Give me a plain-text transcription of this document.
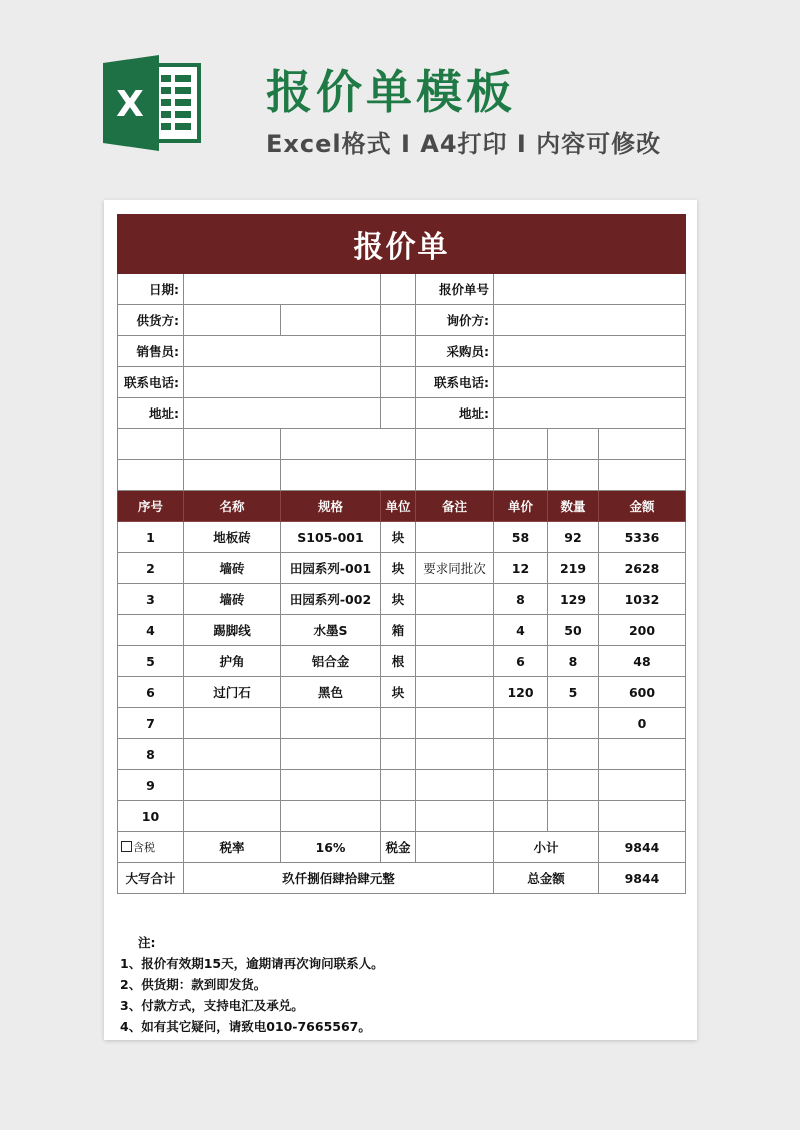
X	报价单模板
Excel格式 Ⅰ A4打印 Ⅰ 内容可修改
报价单							
日期:				报价单号			
供货方:				询价方:			
销售员:				采购员:			
联系电话:				联系电话:			
地址:				地址:			

序号	名称	规格	单位	备注	单价	数量	金额
1	地板砖	S105-001	块		58	92	5336
2	墙砖	田园系列-001	块	要求同批次	12	219	2628
3	墙砖	田园系列-002	块		8	129	1032
4	踢脚线	水墨S	箱		4	50	200
5	护角	铝合金	根		6	8	48
6	过门石	黑色	块		120	5	600
7							0
8							
9							
10							
含税	税率	16%	税金		小计		9844
大写合计	玖仟捌佰肆拾肆元整				总金额		9844
注:
1、报价有效期15天，逾期请再次询问联系人。
2、供货期：款到即发货。
3、付款方式，支持电汇及承兑。
4、如有其它疑问，请致电010-7665567。
